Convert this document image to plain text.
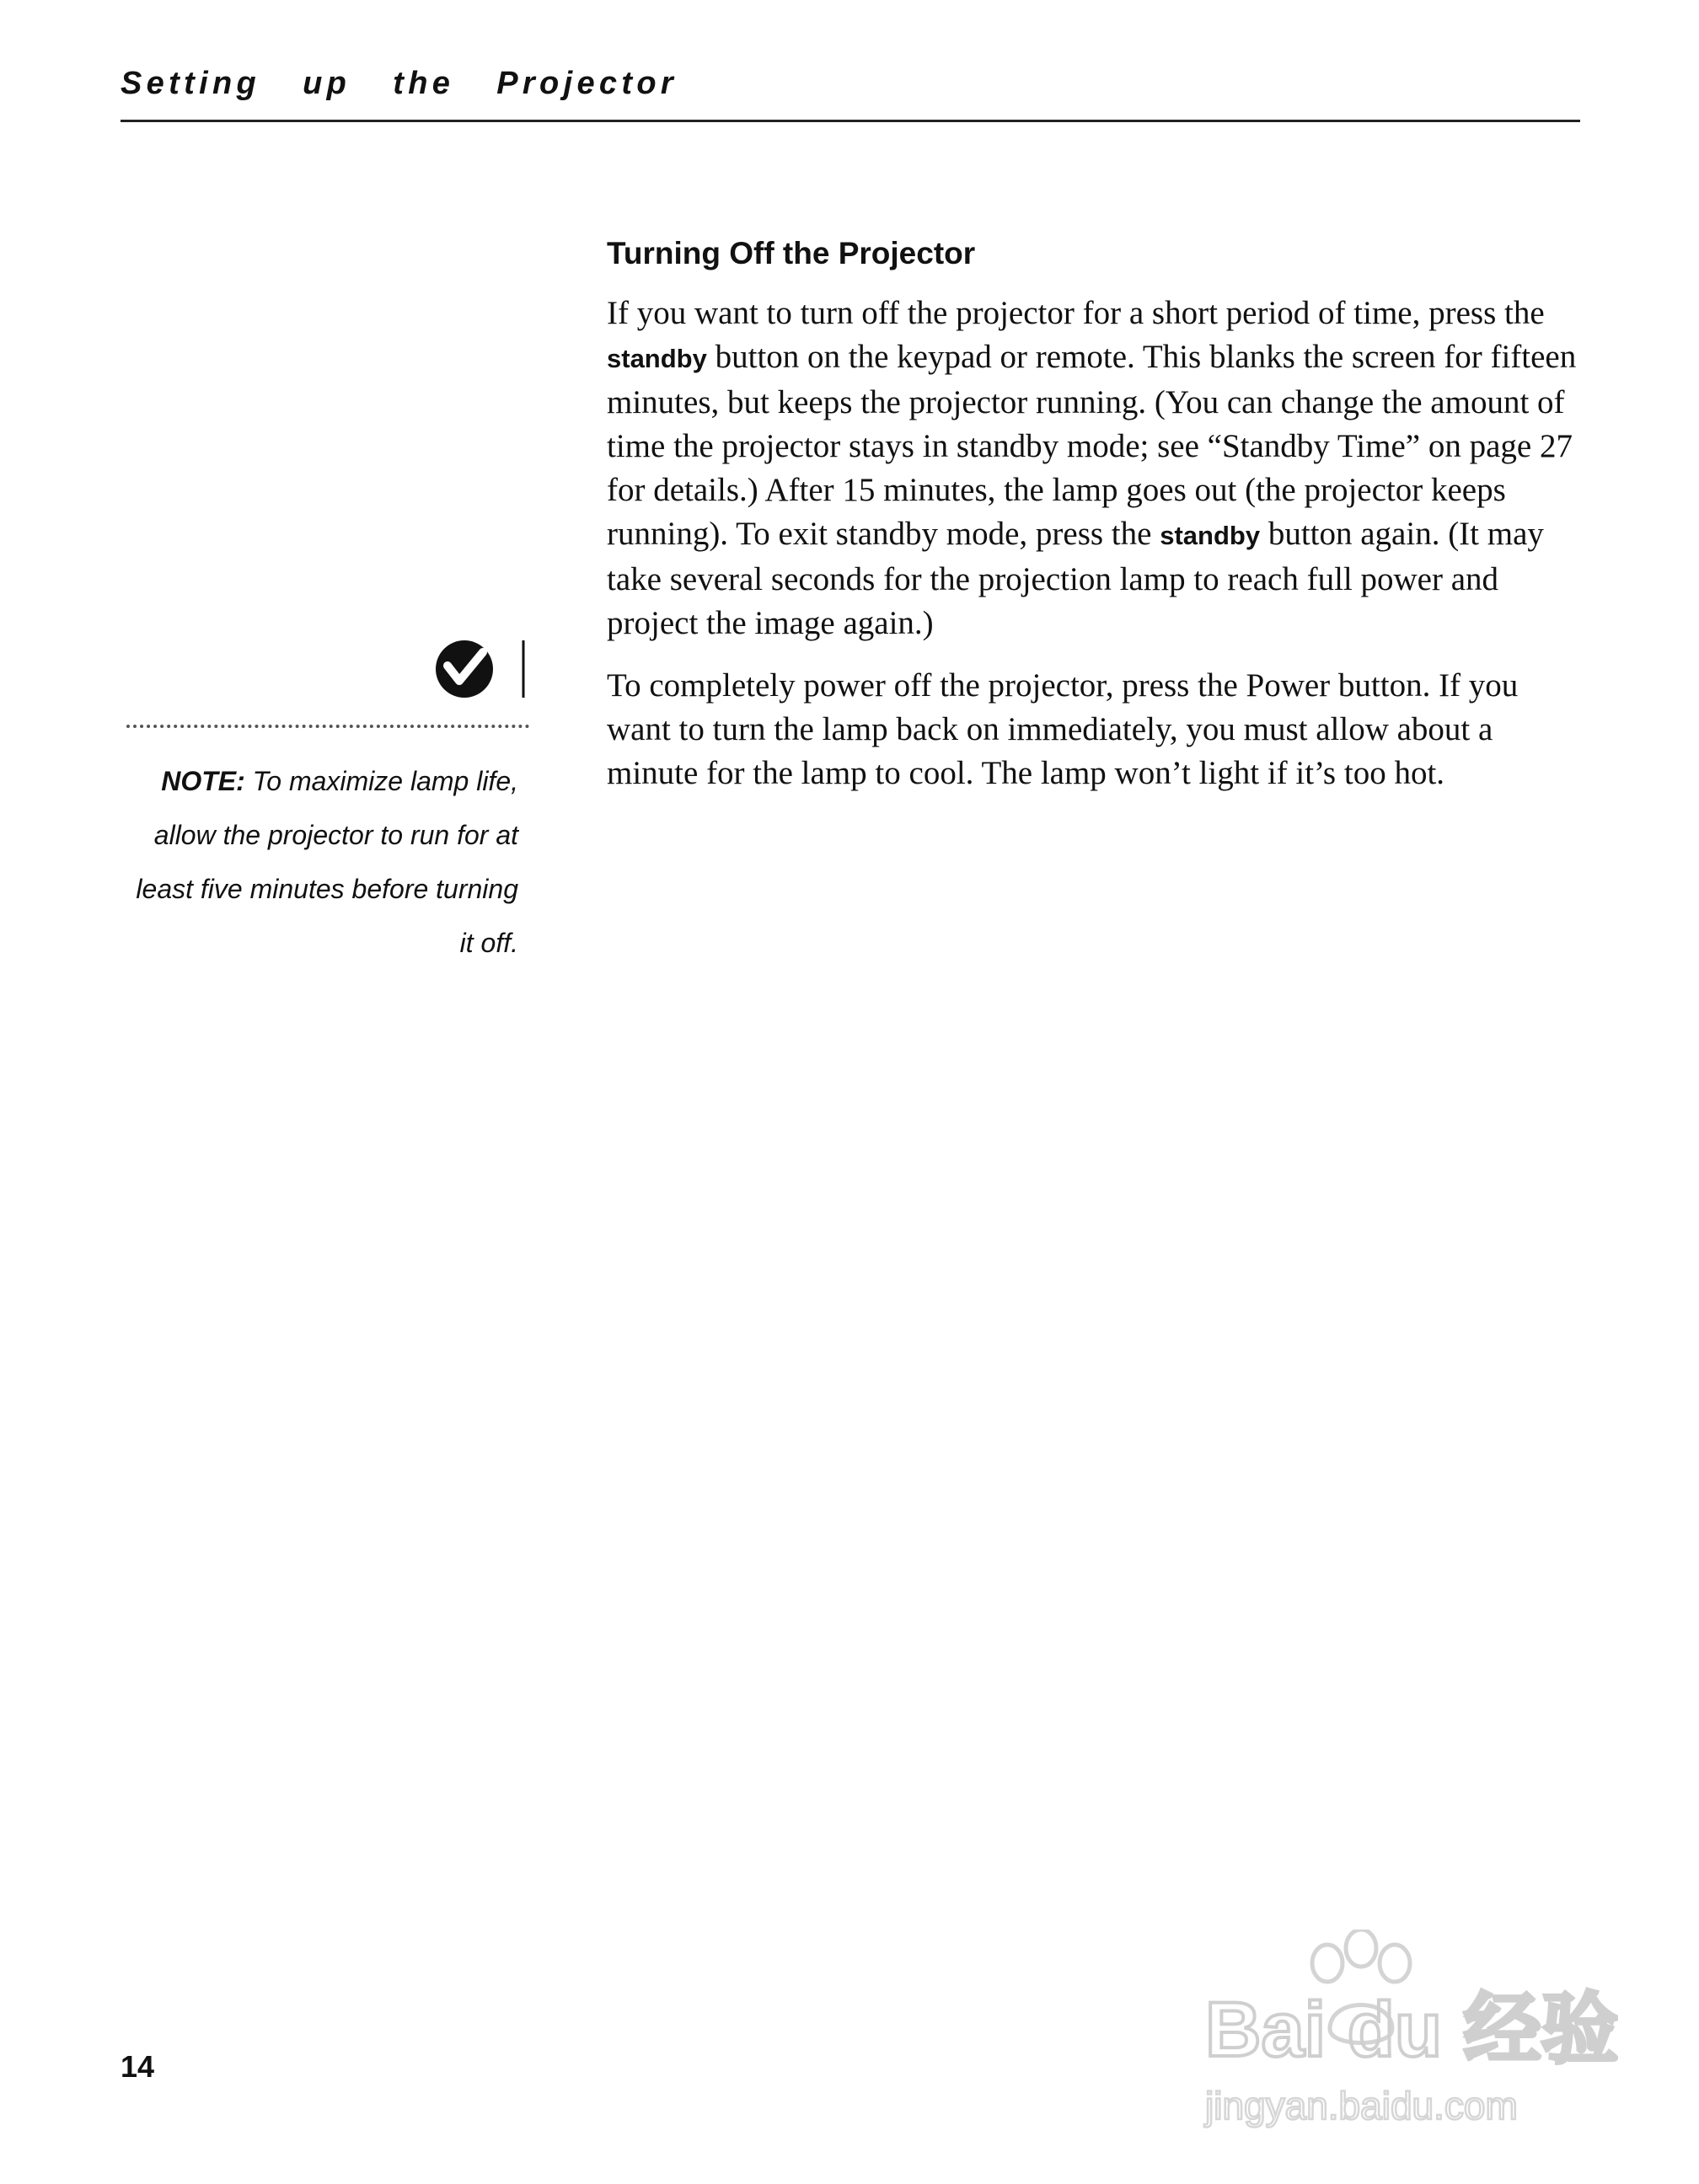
Setting up the Projector
Turning Off the Projector

If you want to turn off the projector for a short period of time, press the standby button on the keypad or remote. This blanks the screen for fifteen minutes, but keeps the projector running. (You can change the amount of time the projector stays in standby mode; see “Standby Time” on page 27 for details.) After 15 minutes, the lamp goes out (the projector keeps running). To exit standby mode, press the standby button again. (It may take several seconds for the projection lamp to reach full power and project the image again.)

To completely power off the projector, press the Power button. If you want to turn the lamp back on immediately, you must allow about a minute for the lamp to cool. The lamp won’t light if it’s too hot.

NOTE: To maximize lamp life, allow the projector to run for at least five minutes before turning it off.
14	Bai du 经验
jingyan.baidu.com
